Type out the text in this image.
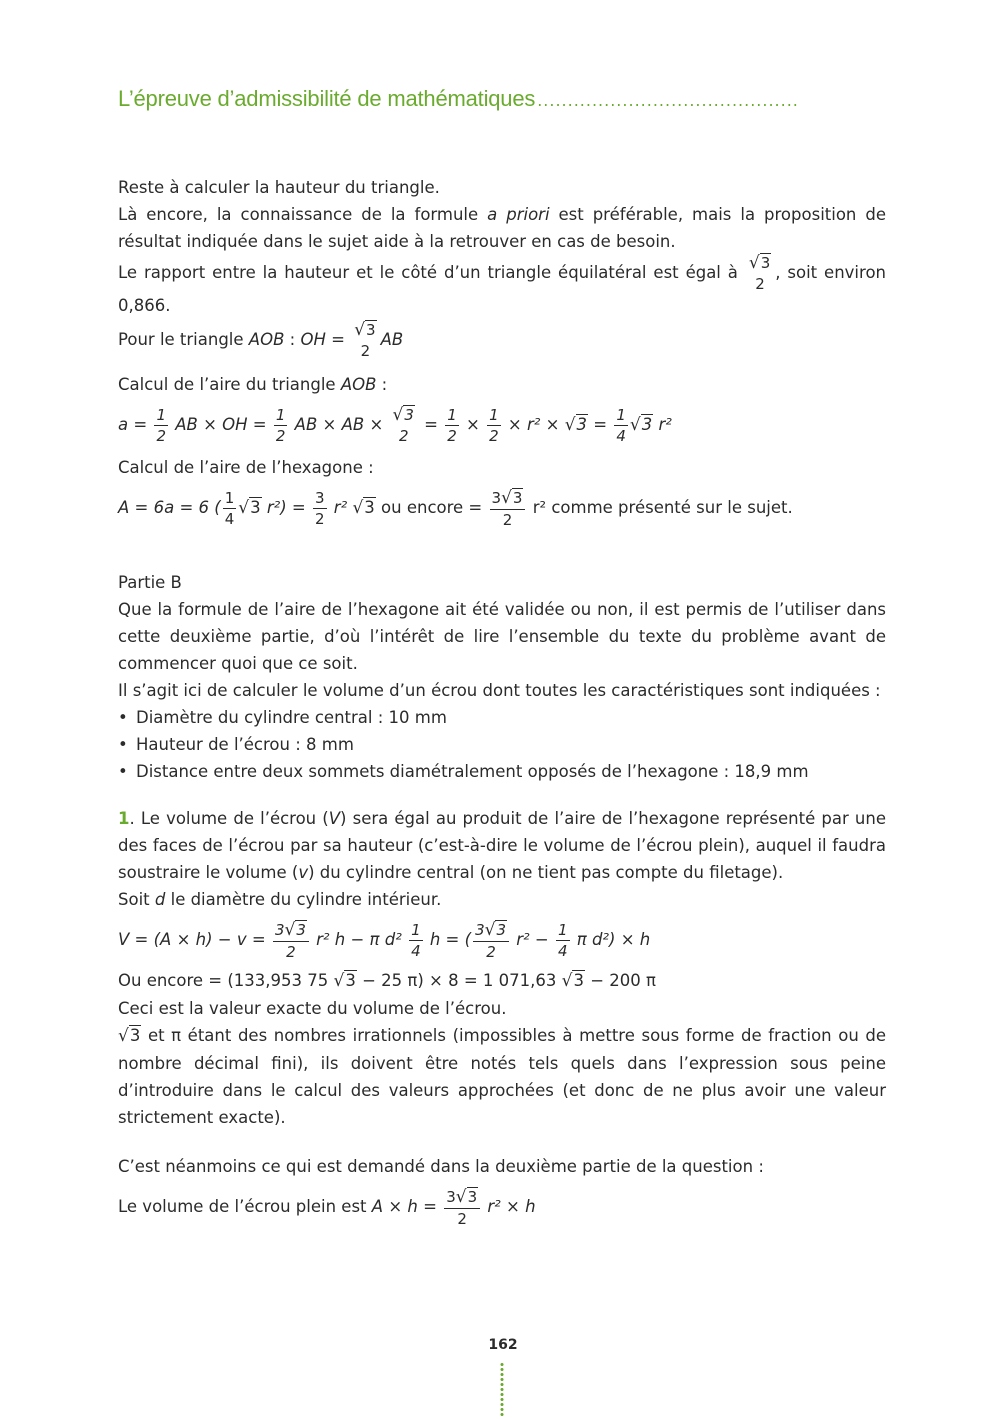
L’épreuve d’admissibilité de mathématiques ...........................................

Reste à calculer la hauteur du triangle.

Là encore, la connaissance de la formule a priori est préférable, mais la proposition de résultat indiquée dans le sujet aide à la retrouver en cas de besoin.

Le rapport entre la hauteur et le côté d’un triangle équilatéral est égal à √3
2
, soit environ 0,866.

Pour le triangle AOB : OH = √3
2
AB

Calcul de l’aire du triangle AOB :

$a = \frac{1}{2}$ AB × OH = $\frac{1}{2}$ AB × AB × √3
2
= $\frac{1}{2} \times \frac{1}{2} \times r^2 \times √3 = \frac{1}{4} √3$ r²

Calcul de l’aire de l’hexagone :

A = 6a = 6 ( $\frac{1}{4} √3$ $r^2) = \frac{3}{2} r^2$ √3 ou encore = $\frac{3√3}{2} r^2$ comme présenté sur le sujet.

Partie B

Que la formule de l’aire de l’hexagone ait été validée ou non, il est permis de l’utiliser dans cette deuxième partie, d’où l’intérêt de lire l’ensemble du texte du problème avant de commencer quoi que ce soit.

Il s’agit ici de calculer le volume d’un écrou dont toutes les caractéristiques sont indiquées :

• Diamètre du cylindre central : 10 mm
• Hauteur de l’écrou : 8 mm
• Distance entre deux sommets diamétralement opposés de l’hexagone : 18,9 mm

1. Le volume de l’écrou (V) sera égal au produit de l’aire de l’hexagone représenté par une des faces de l’écrou par sa hauteur (c’est-à-dire le volume de l’écrou plein), auquel il faudra soustraire le volume (v) du cylindre central (on ne tient pas compte du filetage).

Soit d le diamètre du cylindre intérieur.

$V = (A \times h) - v = \frac{3√3}{2} r^2$ h − π $d^2 \frac{1}{4}$ h = ( $\frac{3√3}{2} r^2 - \frac{1}{4}$ π d²) × h

Ou encore = (133,953 75 √3 − 25 π) × 8 = 1 071,63 √3 − 200 π

Ceci est la valeur exacte du volume de l’écrou.

√3 et π étant des nombres irrationnels (impossibles à mettre sous forme de fraction ou de nombre décimal fini), ils doivent être notés tels quels dans l’expression sous peine d’introduire dans le calcul des valeurs approchées (et donc de ne plus avoir une valeur strictement exacte).

C’est néanmoins ce qui est demandé dans la deuxième partie de la question :

Le volume de l’écrou plein est $A \times h = \frac{3√3}{2} r^2 \times h$

162
